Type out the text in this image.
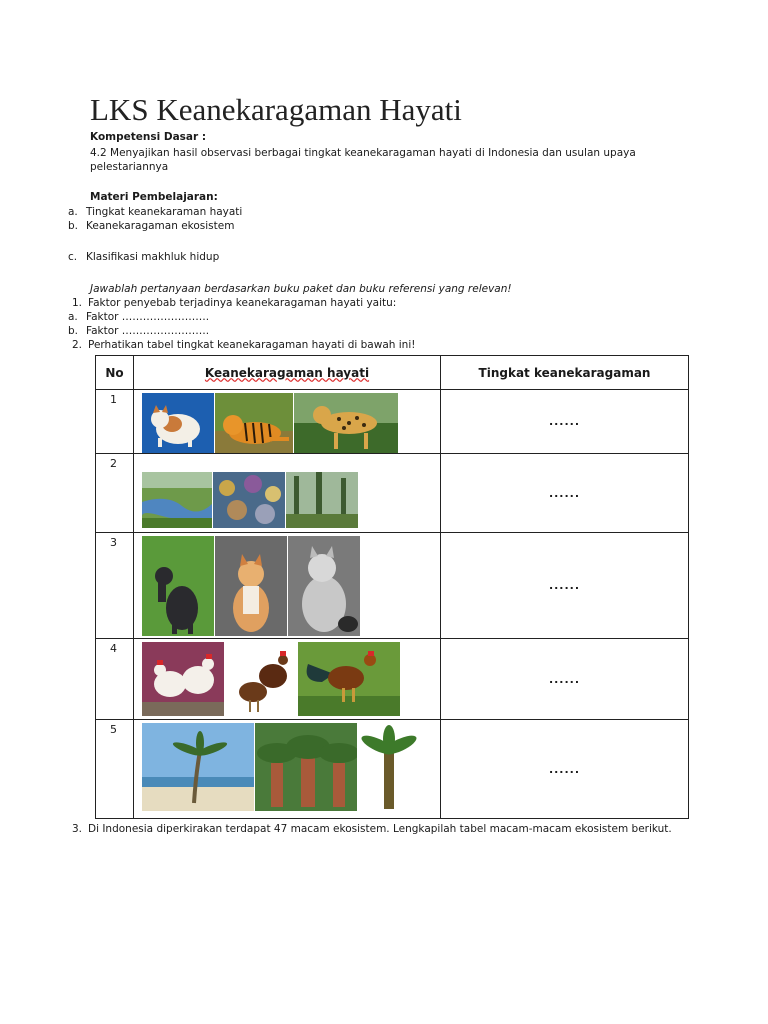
LKS Keanekaragaman Hayati
Kompetensi Dasar :
4.2 Menyajikan hasil observasi berbagai tingkat keanekaragaman hayati di Indonesia dan usulan upaya
pelestariannya
Materi Pembelajaran:
a. Tingkat keanekaraman hayati
b. Keanekaragaman ekosistem
c. Klasifikasi makhluk hidup
Jawablah pertanyaan berdasarkan buku paket dan buku referensi yang relevan!
1. Faktor penyebab terjadinya keanekaragaman hayati yaitu:
a. Faktor …………………….
b. Faktor …………………….
2. Perhatikan tabel tingkat keanekaragaman hayati di bawah ini!
No	Keanekaragaman hayati	Tingkat keanekaragaman
1		......
2		......
3		......
4		......
5		......
3. Di Indonesia diperkirakan terdapat 47 macam ekosistem. Lengkapilah tabel macam-macam ekosistem berikut.
